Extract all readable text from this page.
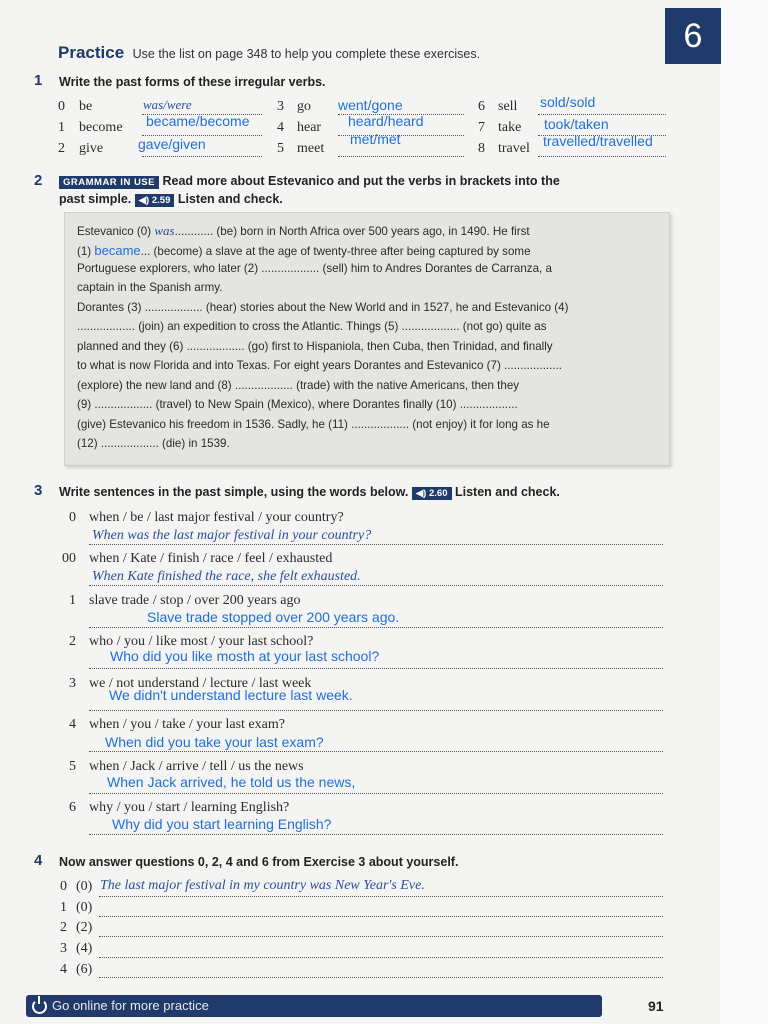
6
Practice Use the list on page 348 to help you complete these exercises.
1 Write the past forms of these irregular verbs.
0 be	was/were
1 become became/become
2 give gave/given
3 go went/gone
4 hear heard/heard
5 meet
met/met
6 sell sold/sold
7 take took/taken
8 travel travelled/travelled
2	GRAMMAR IN USE Read more about Estevanico and put the verbs in brackets into the
past simple. ◀) 2.59 Listen and check.

Estevanico (0) was............ (be) born in North Africa over 500 years ago, in 1490. He first

(1) became... (become) a slave at the age of twenty-three after being captured by some

Portuguese explorers, who later (2) .................. (sell) him to Andres Dorantes de Carranza, a

captain in the Spanish army.

Dorantes (3) .................. (hear) stories about the New World and in 1527, he and Estevanico (4)

.................. (join) an expedition to cross the Atlantic. Things (5) .................. (not go) quite as

planned and they (6) .................. (go) first to Hispaniola, then Cuba, then Trinidad, and finally

to what is now Florida and into Texas. For eight years Dorantes and Estevanico (7) ..................

(explore) the new land and (8) .................. (trade) with the native Americans, then they

(9) .................. (travel) to New Spain (Mexico), where Dorantes finally (10) ..................

(give) Estevanico his freedom in 1536. Sadly, he (11) .................. (not enjoy) it for long as he

(12) .................. (die) in 1539.

3 Write sentences in the past simple, using the words below. ◀) 2.60 Listen and check.
0 when / be / last major festival / your country?
When was the last major festival in your country?
00 when / Kate / finish / race / feel / exhausted
When Kate finished the race, she felt exhausted.
1 slave trade / stop / over 200 years ago
Slave trade stopped over 200 years ago.
2 who / you / like most / your last school?
Who did you like mosth at your last school?
3 we / not understand / lecture / last week
We didn't understand lecture last week.
4 when / you / take / your last exam?
When did you take your last exam?
5 when / Jack / arrive / tell / us the news
When Jack arrived, he told us the news,
6 why / you / start / learning English?
Why did you start learning English?
4 Now answer questions 0, 2, 4 and 6 from Exercise 3 about yourself.
0 (0) The last major festival in my country was New Year's Eve.
1 (0)
2 (2)
3 (4)
4 (6)
Go online for more practice	91
